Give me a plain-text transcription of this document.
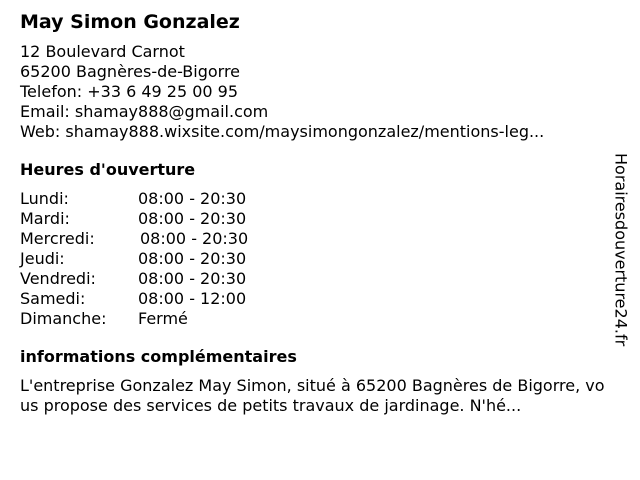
May Simon Gonzalez
12 Boulevard Carnot
65200 Bagnères-de-Bigorre
Telefon: +33 6 49 25 00 95
Email: shamay888@gmail.com
Web: shamay888.wixsite.com/maysimongonzalez/mentions-leg...
Heures d'ouverture
Lundi:	08:00 - 20:30
Mardi:	08:00 - 20:30
Mercredi:	08:00 - 20:30
Jeudi:	08:00 - 20:30
Vendredi:	08:00 - 20:30
Samedi:	08:00 - 12:00
Dimanche:	Fermé
informations complémentaires
L'entreprise Gonzalez May Simon, situé à 65200 Bagnères de Bigorre, vous propose des services de petits travaux de jardinage. N'hé...
Horairesdouverture24.fr
